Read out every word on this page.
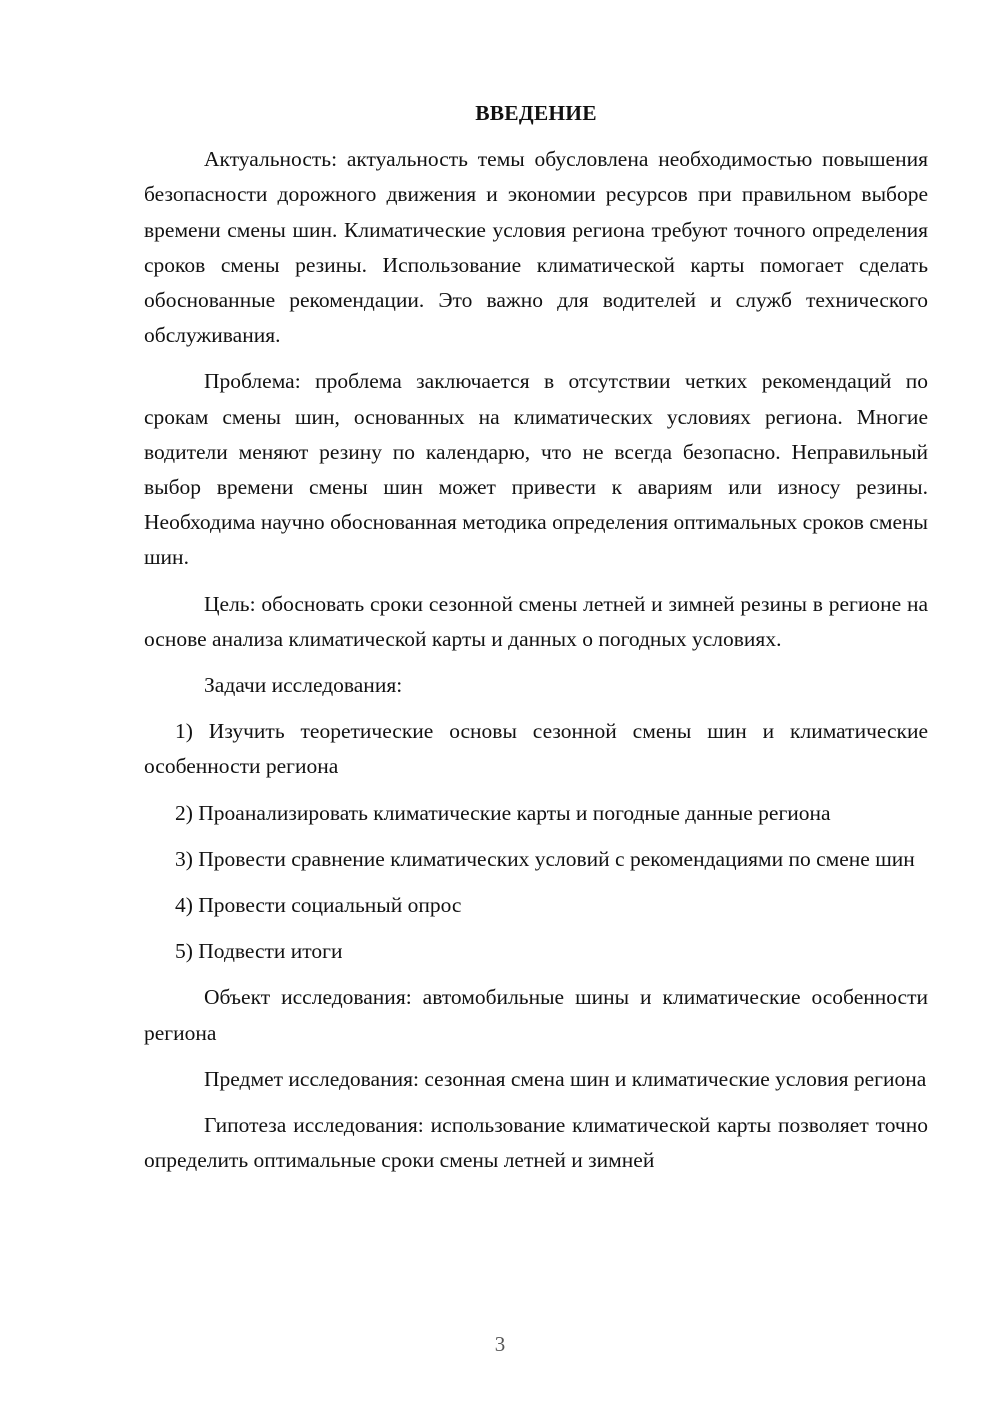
ВВЕДЕНИЕ

Актуальность: актуальность темы обусловлена необходимостью повышения безопасности дорожного движения и экономии ресурсов при правильном выборе времени смены шин. Климатические условия региона требуют точного определения сроков смены резины. Использование климатической карты помогает сделать обоснованные рекомендации. Это важно для водителей и служб технического обслуживания.

Проблема: проблема заключается в отсутствии четких рекомендаций по срокам смены шин, основанных на климатических условиях региона. Многие водители меняют резину по календарю, что не всегда безопасно. Неправильный выбор времени смены шин может привести к авариям или износу резины. Необходима научно обоснованная методика определения оптимальных сроков смены шин.

Цель: обосновать сроки сезонной смены летней и зимней резины в регионе на основе анализа климатической карты и данных о погодных условиях.

Задачи исследования:

1) Изучить теоретические основы сезонной смены шин и климатические особенности региона

2) Проанализировать климатические карты и погодные данные региона

3) Провести сравнение климатических условий с рекомендациями по смене шин

4) Провести социальный опрос

5) Подвести итоги

Объект исследования: автомобильные шины и климатические особенности региона

Предмет исследования: сезонная смена шин и климатические условия региона

Гипотеза исследования: использование климатической карты позволяет точно определить оптимальные сроки смены летней и зимней

3
